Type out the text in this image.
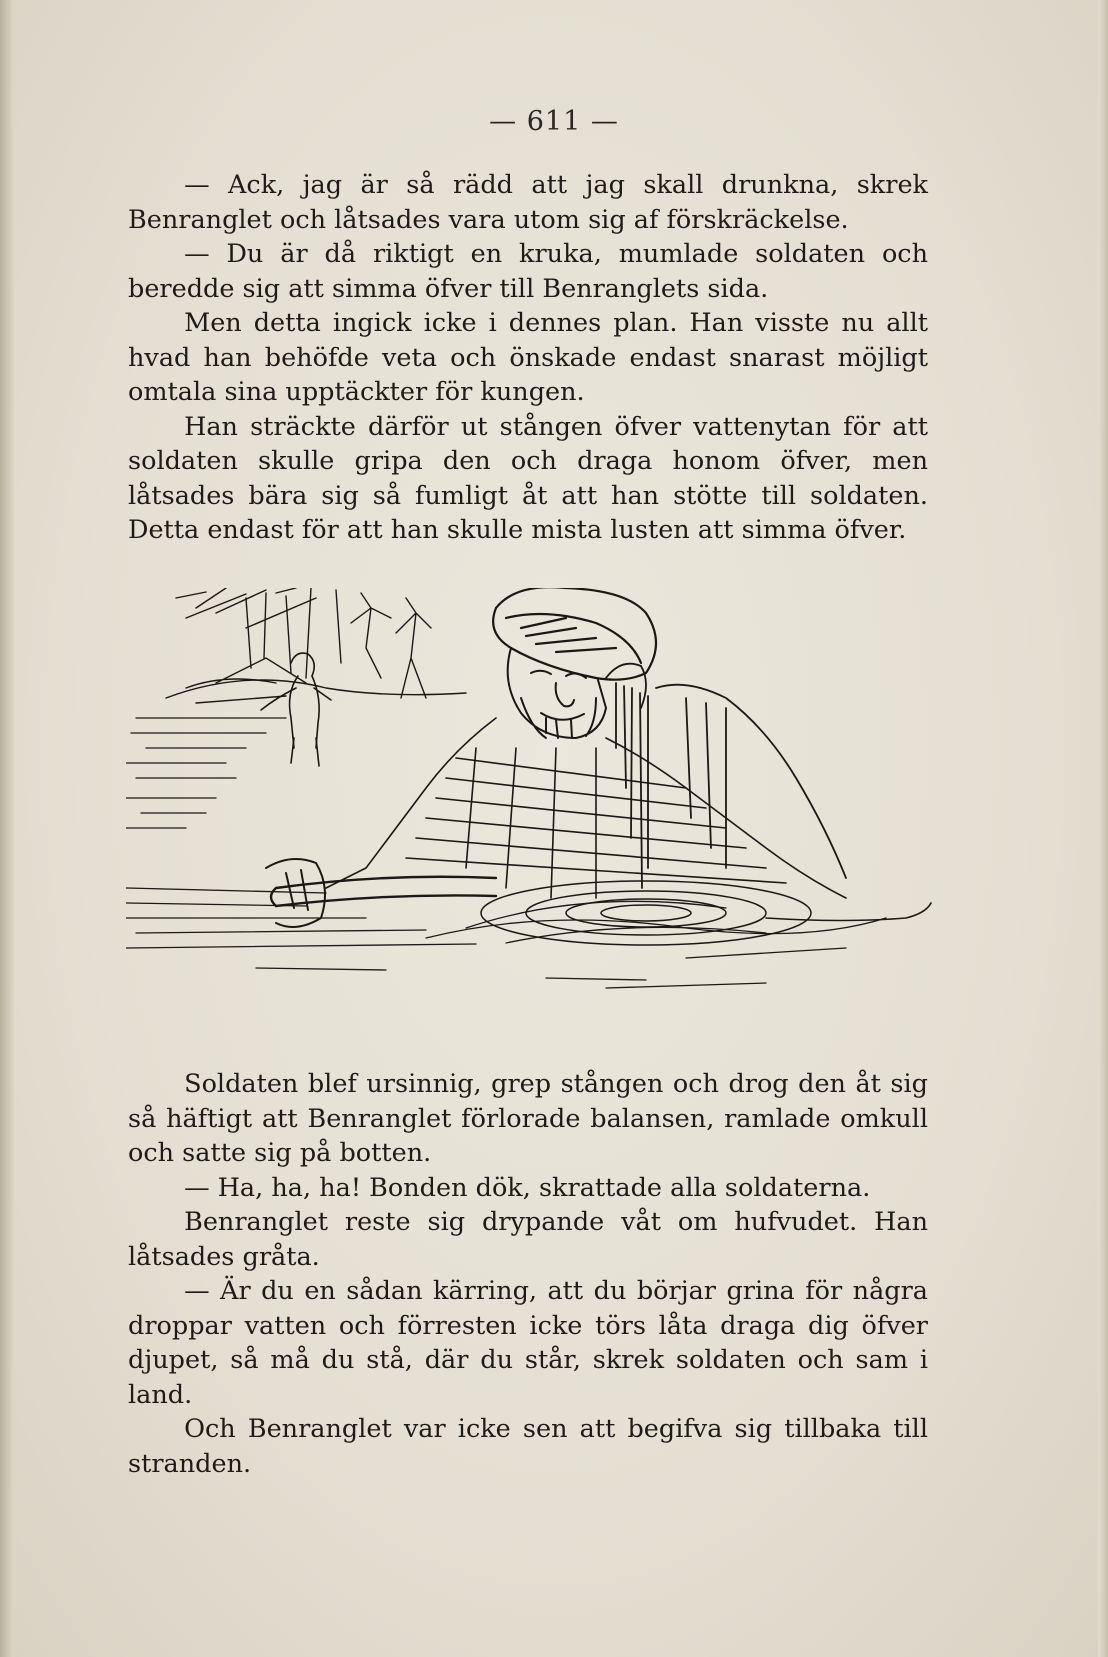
— 611 —

— Ack, jag är så rädd att jag skall drunkna, skrek Benranglet och låtsades vara utom sig af förskräckelse.

— Du är då riktigt en kruka, mumlade soldaten och beredde sig att simma öfver till Benranglets sida.

Men detta ingick icke i dennes plan. Han visste nu allt hvad han behöfde veta och önskade endast snarast möjligt omtala sina upptäckter för kungen.

Han sträckte därför ut stången öfver vattenytan för att soldaten skulle gripa den och draga honom öfver, men låtsades bära sig så fumligt åt att han stötte till soldaten. Detta endast för att han skulle mista lusten att simma öfver.

Soldaten blef ursinnig, grep stången och drog den åt sig så häftigt att Benranglet förlorade balansen, ramlade omkull och satte sig på botten.

— Ha, ha, ha! Bonden dök, skrattade alla soldaterna.

Benranglet reste sig drypande våt om hufvudet. Han låtsades gråta.

— Är du en sådan kärring, att du börjar grina för några droppar vatten och förresten icke törs låta draga dig öfver djupet, så må du stå, där du står, skrek soldaten och sam i land.

Och Benranglet var icke sen att begifva sig tillbaka till stranden.
